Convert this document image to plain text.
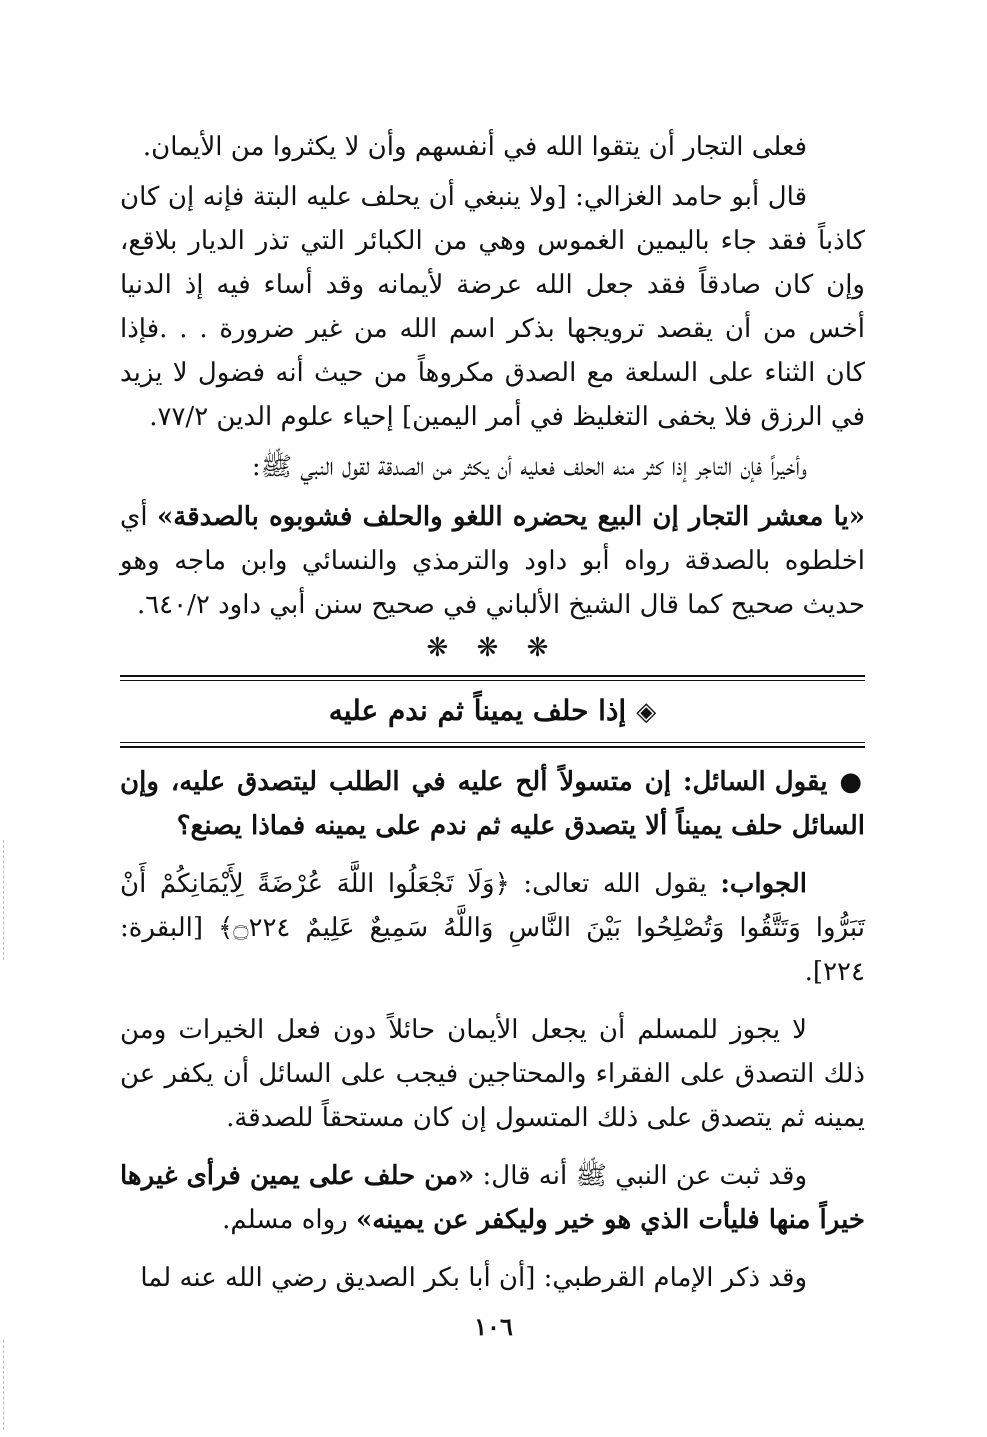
فعلى التجار أن يتقوا الله في أنفسهم وأن لا يكثروا من الأيمان.

قال أبو حامد الغزالي: [ولا ينبغي أن يحلف عليه البتة فإنه إن كان كاذباً فقد جاء باليمين الغموس وهي من الكبائر التي تذر الديار بلاقع، وإن كان صادقاً فقد جعل الله عرضة لأيمانه وقد أساء فيه إذ الدنيا أخس من أن يقصد ترويجها بذكر اسم الله من غير ضرورة . . .فإذا كان الثناء على السلعة مع الصدق مكروهاً من حيث أنه فضول لا يزيد في الرزق فلا يخفى التغليظ في أمر اليمين] إحياء علوم الدين ٧٧/٢.

وأخيراً فإن التاجر إذا كثر منه الحلف فعليه أن يكثر من الصدقة لقول النبي ﷺ:

«يا معشر التجار إن البيع يحضره اللغو والحلف فشوبوه بالصدقة» أي اخلطوه بالصدقة رواه أبو داود والترمذي والنسائي وابن ماجه وهو حديث صحيح كما قال الشيخ الألباني في صحيح سنن أبي داود ٦٤٠/٢.

❋ ❋ ❋
◈إذا حلف يميناً ثم ندم عليه

● يقول السائل: إن متسولاً ألح عليه في الطلب ليتصدق عليه، وإن السائل حلف يميناً ألا يتصدق عليه ثم ندم على يمينه فماذا يصنع؟

الجواب: يقول الله تعالى: ﴿وَلَا تَجْعَلُوا اللَّهَ عُرْضَةً لِأَيْمَانِكُمْ أَنْ تَبَرُّوا وَتَتَّقُوا وَتُصْلِحُوا بَيْنَ النَّاسِ وَاللَّهُ سَمِيعٌ عَلِيمٌ ۝٢٢٤﴾ [البقرة: ٢٢٤].

لا يجوز للمسلم أن يجعل الأيمان حائلاً دون فعل الخيرات ومن ذلك التصدق على الفقراء والمحتاجين فيجب على السائل أن يكفر عن يمينه ثم يتصدق على ذلك المتسول إن كان مستحقاً للصدقة.

وقد ثبت عن النبي ﷺ أنه قال: «من حلف على يمين فرأى غيرها خيراً منها فليأت الذي هو خير وليكفر عن يمينه» رواه مسلم.

وقد ذكر الإمام القرطبي: [أن أبا بكر الصديق رضي الله عنه لما

١٠٦
